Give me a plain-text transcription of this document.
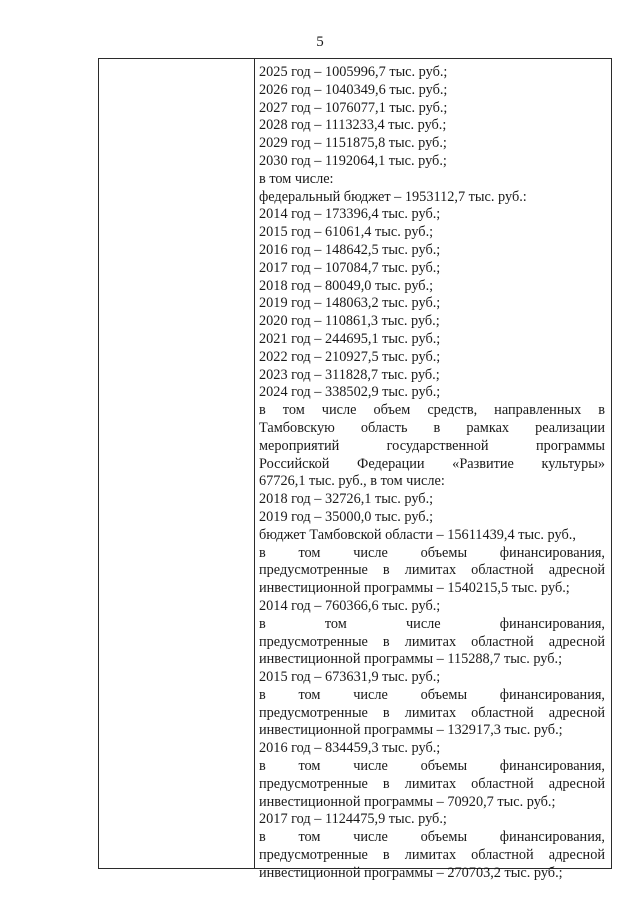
5
2025 год – 1005996,7 тыс. руб.;
2026 год – 1040349,6 тыс. руб.;
2027 год – 1076077,1 тыс. руб.;
2028 год – 1113233,4 тыс. руб.;
2029 год – 1151875,8 тыс. руб.;
2030 год – 1192064,1 тыс. руб.;
в том числе:
федеральный бюджет – 1953112,7 тыс. руб.:
2014 год – 173396,4 тыс. руб.;
2015 год – 61061,4 тыс. руб.;
2016 год – 148642,5 тыс. руб.;
2017 год – 107084,7 тыс. руб.;
2018 год – 80049,0 тыс. руб.;
2019 год – 148063,2 тыс. руб.;
2020 год – 110861,3 тыс. руб.;
2021 год – 244695,1 тыс. руб.;
2022 год – 210927,5 тыс. руб.;
2023 год – 311828,7 тыс. руб.;
2024 год – 338502,9 тыс. руб.;
в том числе объем средств, направленных в
Тамбовскую область в рамках реализации
мероприятий государственной программы
Российской Федерации «Развитие культуры»
67726,1 тыс. руб., в том числе:
2018 год – 32726,1 тыс. руб.;
2019 год – 35000,0 тыс. руб.;
бюджет Тамбовской области – 15611439,4 тыс. руб.,
в том числе объемы финансирования,
предусмотренные в лимитах областной адресной
инвестиционной программы – 1540215,5 тыс. руб.;
2014 год – 760366,6 тыс. руб.;
в том числе финансирования,
предусмотренные в лимитах областной адресной
инвестиционной программы – 115288,7 тыс. руб.;
2015 год – 673631,9 тыс. руб.;
в том числе объемы финансирования,
предусмотренные в лимитах областной адресной
инвестиционной программы – 132917,3 тыс. руб.;
2016 год – 834459,3 тыс. руб.;
в том числе объемы финансирования,
предусмотренные в лимитах областной адресной
инвестиционной программы – 70920,7 тыс. руб.;
2017 год – 1124475,9 тыс. руб.;
в том числе объемы финансирования,
предусмотренные в лимитах областной адресной
инвестиционной программы – 270703,2 тыс. руб.;
